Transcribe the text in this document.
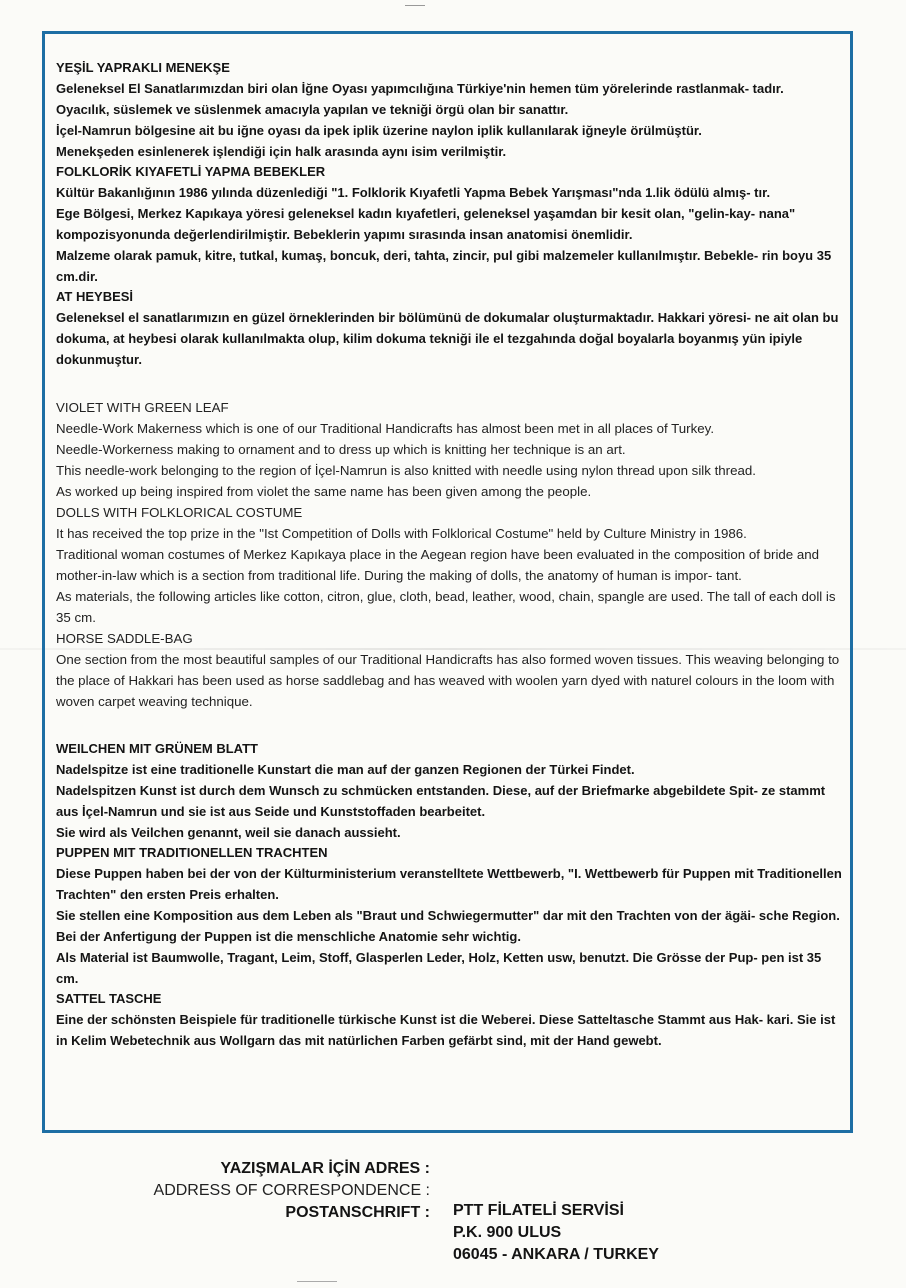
YEŞİL YAPRAKLI MENEKŞE

Geleneksel El Sanatlarımızdan biri olan İğne Oyası yapımcılığına Türkiye'nin hemen tüm yörelerinde rastlanmak- tadır.

Oyacılık, süslemek ve süslenmek amacıyla yapılan ve tekniği örgü olan bir sanattır.

İçel-Namrun bölgesine ait bu iğne oyası da ipek iplik üzerine naylon iplik kullanılarak iğneyle örülmüştür.

Menekşeden esinlenerek işlendiği için halk arasında aynı isim verilmiştir.

FOLKLORİK KIYAFETLİ YAPMA BEBEKLER

Kültür Bakanlığının 1986 yılında düzenlediği "1. Folklorik Kıyafetli Yapma Bebek Yarışması"nda 1.lik ödülü almış- tır.

Ege Bölgesi, Merkez Kapıkaya yöresi geleneksel kadın kıyafetleri, geleneksel yaşamdan bir kesit olan, "gelin-kay- nana" kompozisyonunda değerlendirilmiştir. Bebeklerin yapımı sırasında insan anatomisi önemlidir.

Malzeme olarak pamuk, kitre, tutkal, kumaş, boncuk, deri, tahta, zincir, pul gibi malzemeler kullanılmıştır. Bebekle- rin boyu 35 cm.dir.

AT HEYBESİ

Geleneksel el sanatlarımızın en güzel örneklerinden bir bölümünü de dokumalar oluşturmaktadır. Hakkari yöresi- ne ait olan bu dokuma, at heybesi olarak kullanılmakta olup, kilim dokuma tekniği ile el tezgahında doğal boyalarla boyanmış yün ipiyle dokunmuştur.

VIOLET WITH GREEN LEAF

Needle-Work Makerness which is one of our Traditional Handicrafts has almost been met in all places of Turkey.

Needle-Workerness making to ornament and to dress up which is knitting her technique is an art.

This needle-work belonging to the region of İçel-Namrun is also knitted with needle using nylon thread upon silk thread.

As worked up being inspired from violet the same name has been given among the people.

DOLLS WITH FOLKLORICAL COSTUME

It has received the top prize in the "Ist Competition of Dolls with Folklorical Costume" held by Culture Ministry in 1986.

Traditional woman costumes of Merkez Kapıkaya place in the Aegean region have been evaluated in the composition of bride and mother-in-law which is a section from traditional life. During the making of dolls, the anatomy of human is impor- tant.

As materials, the following articles like cotton, citron, glue, cloth, bead, leather, wood, chain, spangle are used. The tall of each doll is 35 cm.

HORSE SADDLE-BAG

One section from the most beautiful samples of our Traditional Handicrafts has also formed woven tissues. This weaving belonging to the place of Hakkari has been used as horse saddlebag and has weaved with woolen yarn dyed with naturel colours in the loom with woven carpet weaving technique.

WEILCHEN MIT GRÜNEM BLATT

Nadelspitze ist eine traditionelle Kunstart die man auf der ganzen Regionen der Türkei Findet.

Nadelspitzen Kunst ist durch dem Wunsch zu schmücken entstanden. Diese, auf der Briefmarke abgebildete Spit- ze stammt aus İçel-Namrun und sie ist aus Seide und Kunststoffaden bearbeitet.

Sie wird als Veilchen genannt, weil sie danach aussieht.

PUPPEN MIT TRADITIONELLEN TRACHTEN

Diese Puppen haben bei der von der Külturministerium veranstelltete Wettbewerb, "I. Wettbewerb für Puppen mit Traditionellen Trachten" den ersten Preis erhalten.

Sie stellen eine Komposition aus dem Leben als "Braut und Schwiegermutter" dar mit den Trachten von der ägäi- sche Region. Bei der Anfertigung der Puppen ist die menschliche Anatomie sehr wichtig.

Als Material ist Baumwolle, Tragant, Leim, Stoff, Glasperlen Leder, Holz, Ketten usw, benutzt. Die Grösse der Pup- pen ist 35 cm.

SATTEL TASCHE

Eine der schönsten Beispiele für traditionelle türkische Kunst ist die Weberei. Diese Satteltasche Stammt aus Hak- kari. Sie ist in Kelim Webetechnik aus Wollgarn das mit natürlichen Farben gefärbt sind, mit der Hand gewebt.

YAZIŞMALAR İÇİN ADRES :
ADDRESS OF CORRESPONDENCE :
POSTANSCHRIFT : PTT FİLATELİ SERVİSİ
P.K. 900 ULUS
06045 - ANKARA / TURKEY
